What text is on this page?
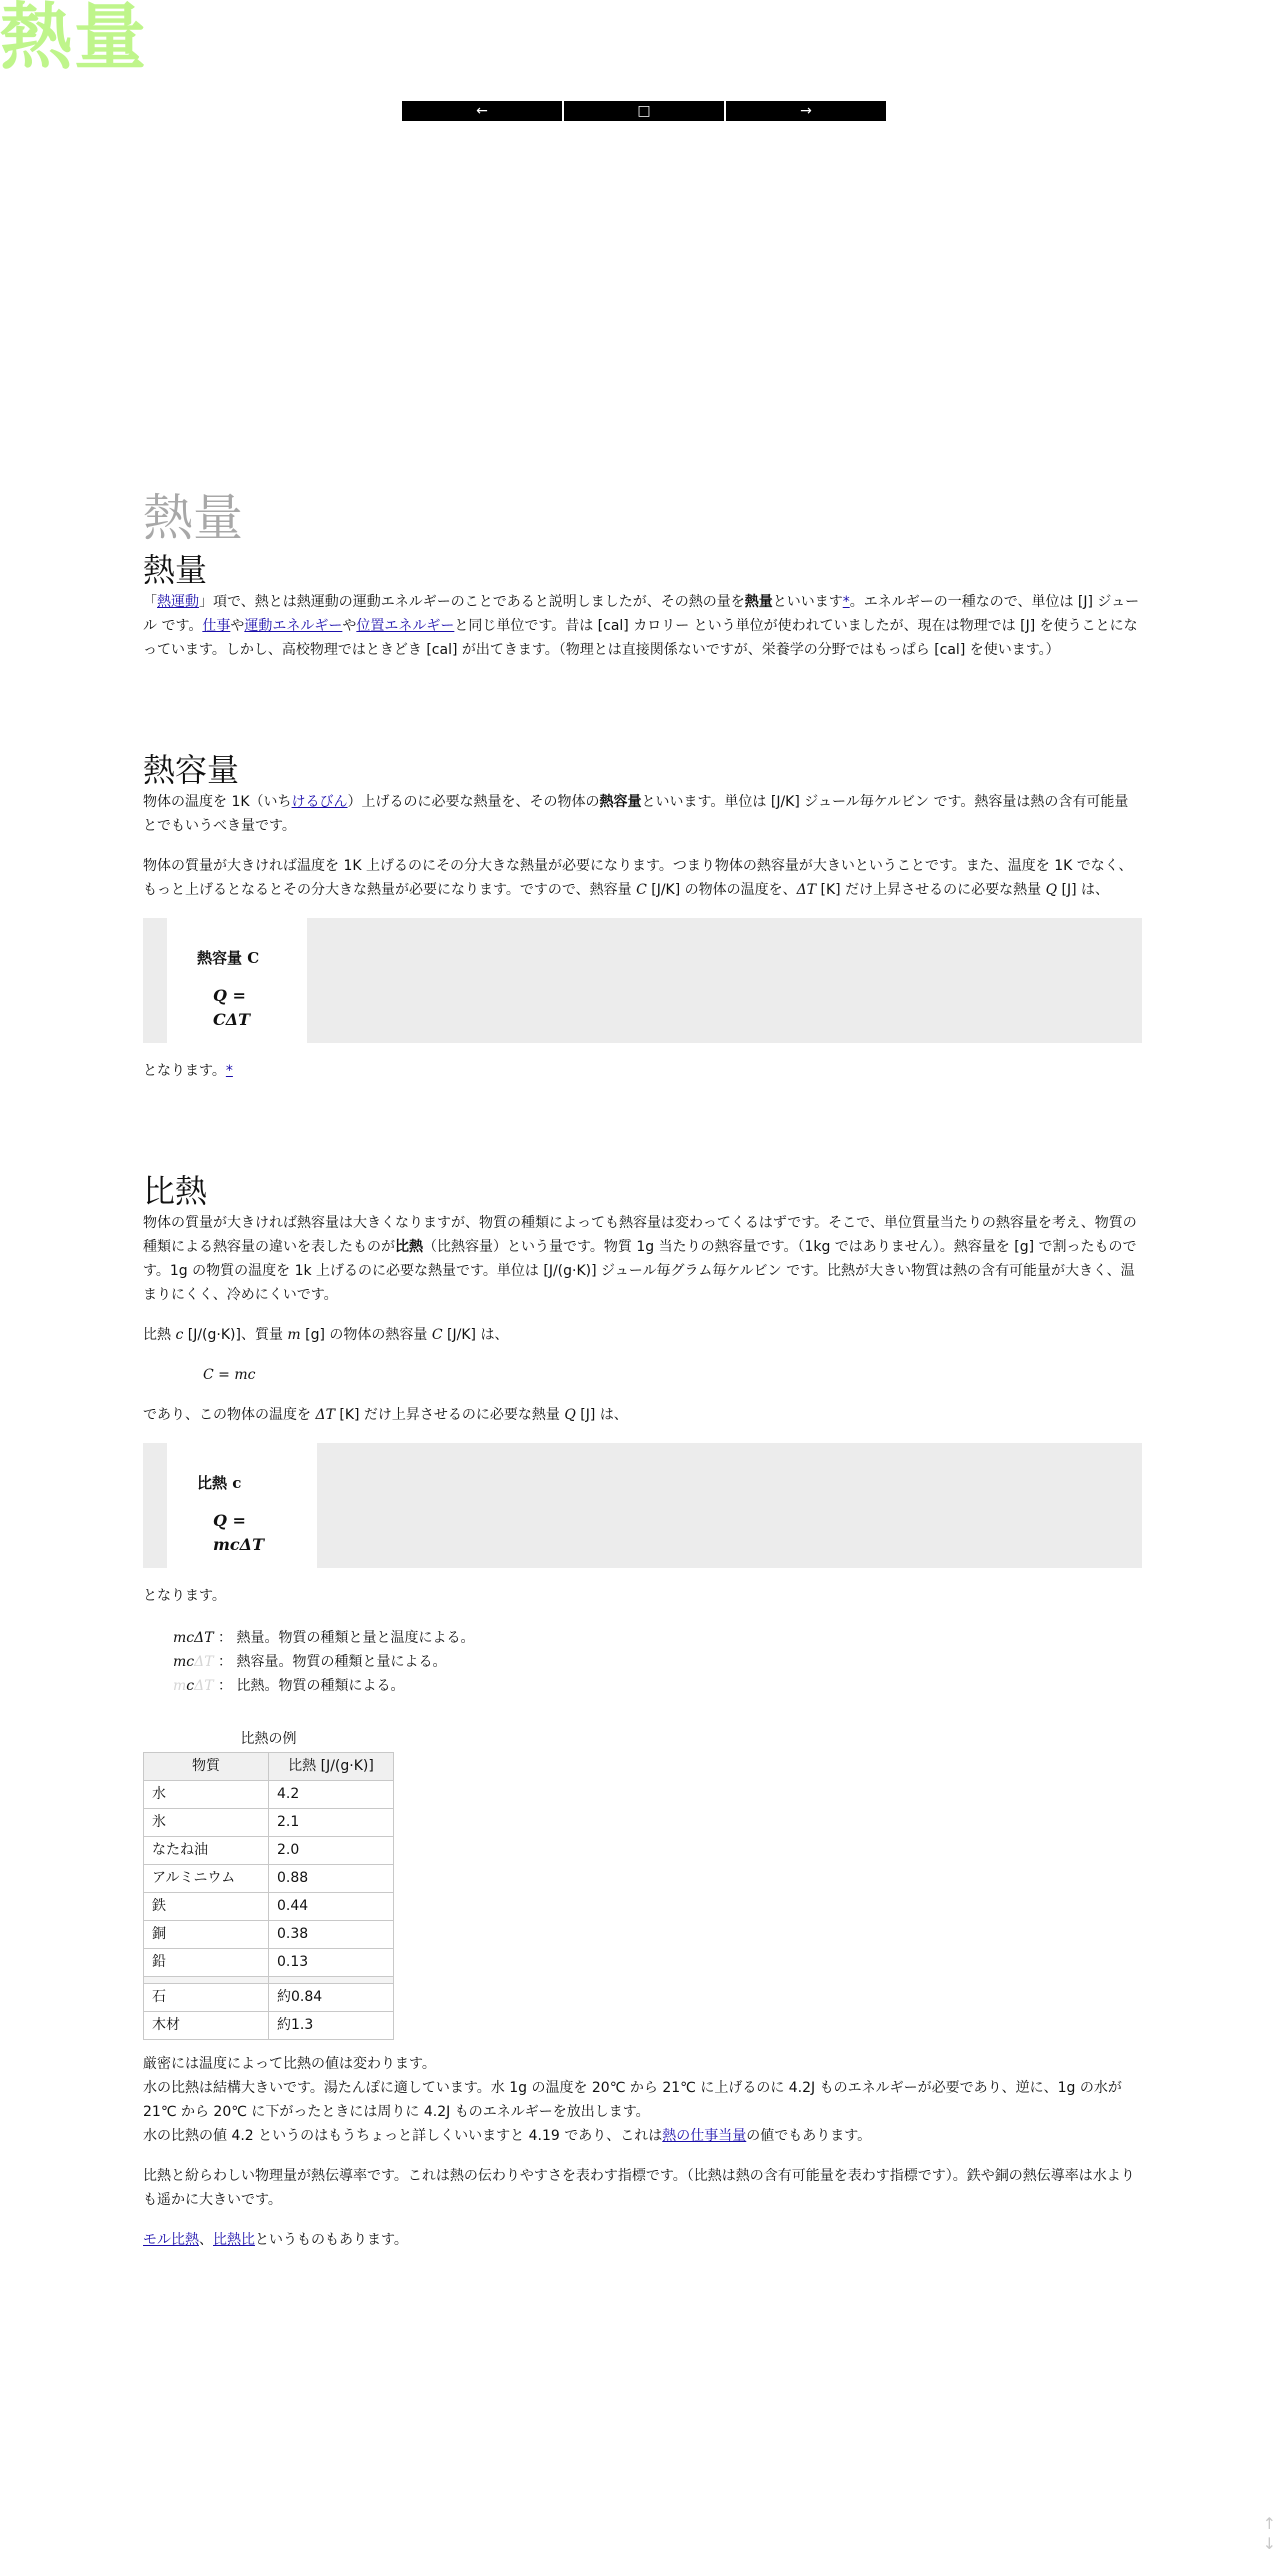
熱量
←	□	→
熱量
熱量

「熱運動」項で、熱とは熱運動の運動エネルギーのことであると説明しましたが、その熱の量を熱量といいます*。エネルギーの一種なので、単位は [J] ジュール です。仕事や運動エネルギーや位置エネルギーと同じ単位です。昔は [cal] カロリー という単位が使われていましたが、現在は物理では [J] を使うことになっています。しかし、高校物理ではときどき [cal] が出てきます。（物理とは直接関係ないですが、栄養学の分野ではもっぱら [cal] を使います。）

熱容量

物体の温度を 1K（いちけるびん）上げるのに必要な熱量を、その物体の熱容量といいます。単位は [J/K] ジュール毎ケルビン です。熱容量は熱の含有可能量とでもいうべき量です。

物体の質量が大きければ温度を 1K 上げるのにその分大きな熱量が必要になります。つまり物体の熱容量が大きいということです。また、温度を 1K でなく、もっと上げるとなるとその分大きな熱量が必要になります。ですので、熱容量 C [J/K] の物体の温度を、ΔT [K] だけ上昇させるのに必要な熱量 Q [J] は、

熱容量 C
Q = CΔT

となります。*

比熱

物体の質量が大きければ熱容量は大きくなりますが、物質の種類によっても熱容量は変わってくるはずです。そこで、単位質量当たりの熱容量を考え、物質の種類による熱容量の違いを表したものが比熱（比熱容量）という量です。物質 1g 当たりの熱容量です。（1kg ではありません）。熱容量を [g] で割ったものです。1g の物質の温度を 1k 上げるのに必要な熱量です。単位は [J/(g·K)] ジュール毎グラム毎ケルビン です。比熱が大きい物質は熱の含有可能量が大きく、温まりにくく、冷めにくいです。

比熱 c [J/(g·K)]、質量 m [g] の物体の熱容量 C [J/K] は、

C = mc

であり、この物体の温度を ΔT [K] だけ上昇させるのに必要な熱量 Q [J] は、

比熱 c
Q = mcΔT

となります。

mcΔT ： 熱量。物質の種類と量と温度による。
mcΔT ： 熱容量。物質の種類と量による。
mcΔT ： 比熱。物質の種類による。
比熱の例
物質	比熱 [J/(g·K)]
水	4.2
氷	2.1
なたね油	2.0
アルミニウム	0.88
鉄	0.44
銅	0.38
鉛	0.13

石	約0.84
木材	約1.3

厳密には温度によって比熱の値は変わります。

水の比熱は結構大きいです。湯たんぽに適しています。水 1g の温度を 20℃ から 21℃ に上げるのに 4.2J ものエネルギーが必要であり、逆に、1g の水が 21℃ から 20℃ に下がったときには周りに 4.2J ものエネルギーを放出します。

水の比熱の値 4.2 というのはもうちょっと詳しくいいますと 4.19 であり、これは熱の仕事当量の値でもあります。

比熱と紛らわしい物理量が熱伝導率です。これは熱の伝わりやすさを表わす指標です。（比熱は熱の含有可能量を表わす指標です）。鉄や銅の熱伝導率は水よりも遥かに大きいです。

モル比熱、比熱比というものもあります。

↑
↓
